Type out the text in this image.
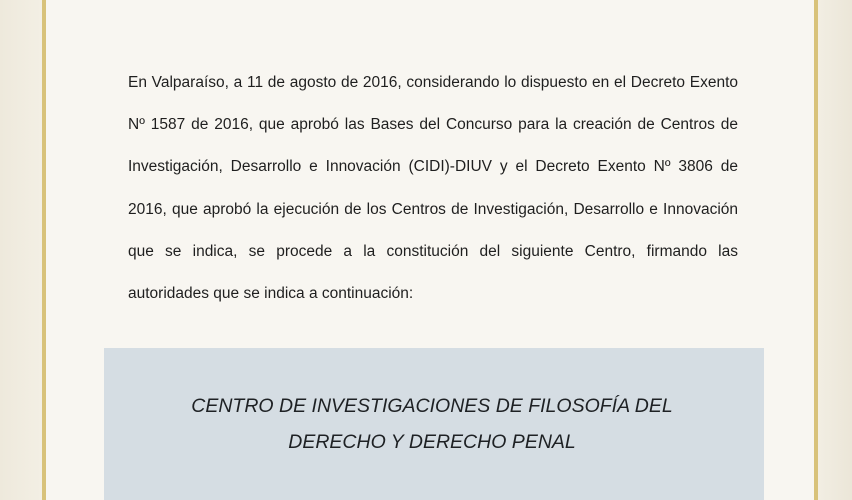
En Valparaíso, a 11 de agosto de 2016, considerando lo dispuesto en el Decreto Exento Nº 1587 de 2016, que aprobó las Bases del Concurso para la creación de Centros de Investigación, Desarrollo e Innovación (CIDI)-DIUV y el Decreto Exento Nº 3806 de 2016, que aprobó la ejecución de los Centros de Investigación, Desarrollo e Innovación que se indica, se procede a la constitución del siguiente Centro, firmando las autoridades que se indica a continuación:

CENTRO DE INVESTIGACIONES DE FILOSOFÍA DEL DERECHO Y DERECHO PENAL
